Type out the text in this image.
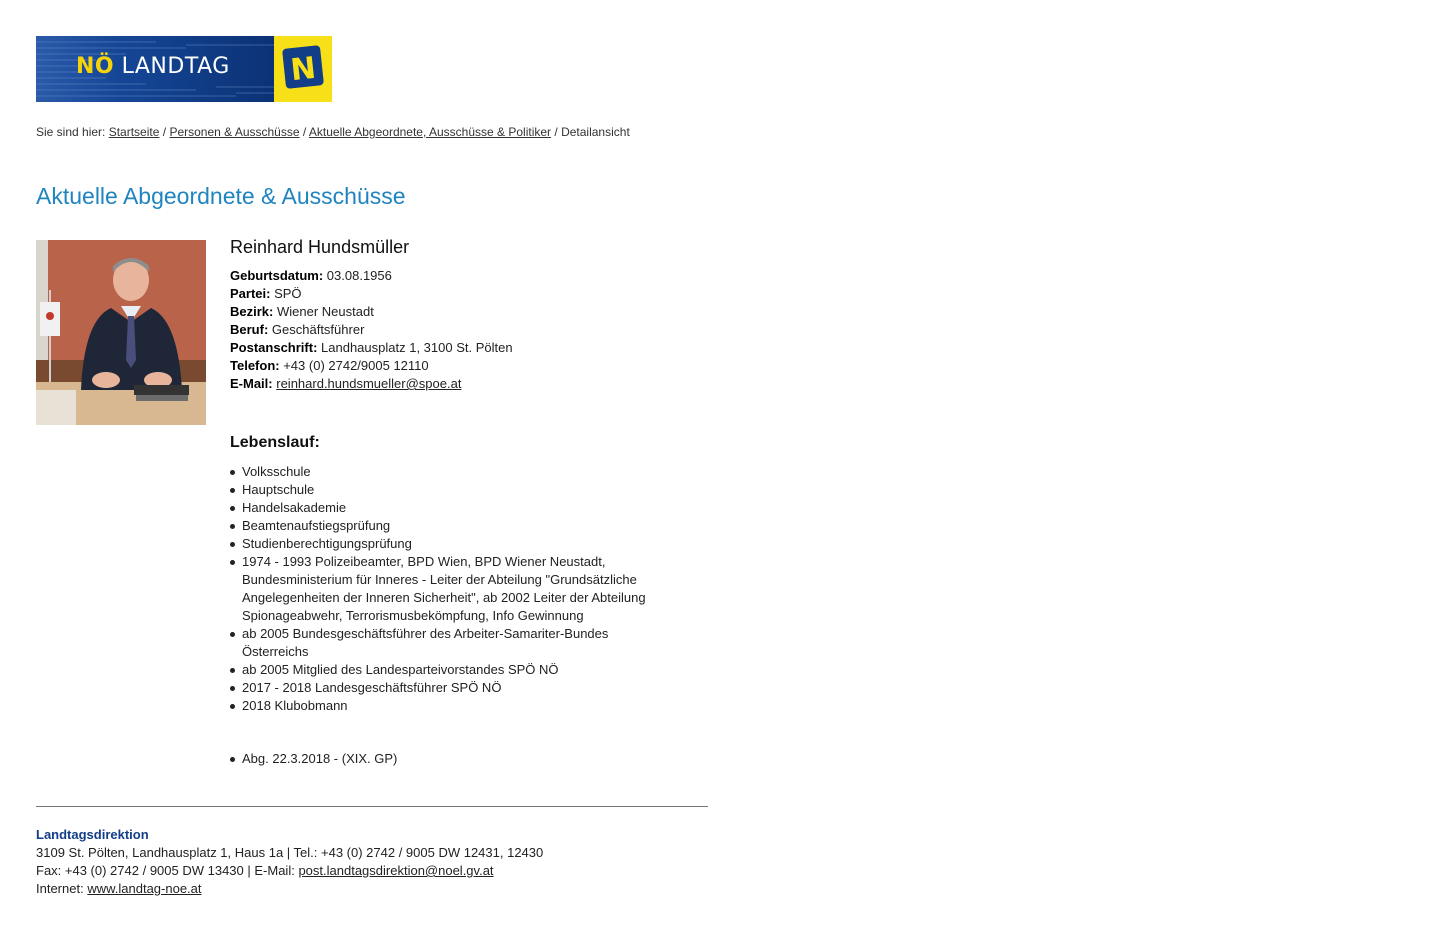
NÖ LANDTAG N
Sie sind hier: Startseite / Personen & Ausschüsse / Aktuelle Abgeordnete, Ausschüsse & Politiker / Detailansicht
Aktuelle Abgeordnete & Ausschüsse
Reinhard Hundsmüller
Geburtsdatum: 03.08.1956
Partei: SPÖ
Bezirk: Wiener Neustadt
Beruf: Geschäftsführer
Postanschrift: Landhausplatz 1, 3100 St. Pölten
Telefon: +43 (0) 2742/9005 12110
E-Mail: reinhard.hundsmueller@spoe.at
Lebenslauf:
Volksschule
Hauptschule
Handelsakademie
Beamtenaufstiegsprüfung
Studienberechtigungsprüfung
1974 - 1993 Polizeibeamter, BPD Wien, BPD Wiener Neustadt, Bundesministerium für Inneres - Leiter der Abteilung "Grundsätzliche Angelegenheiten der Inneren Sicherheit", ab 2002 Leiter der Abteilung Spionageabwehr, Terrorismusbekömpfung, Info Gewinnung
ab 2005 Bundesgeschäftsführer des Arbeiter-Samariter-Bundes Österreichs
ab 2005 Mitglied des Landesparteivorstandes SPÖ NÖ
2017 - 2018 Landesgeschäftsführer SPÖ NÖ
2018 Klubobmann
Abg. 22.3.2018 - (XIX. GP)
Landtagsdirektion
3109 St. Pölten, Landhausplatz 1, Haus 1a | Tel.: +43 (0) 2742 / 9005 DW 12431, 12430
Fax: +43 (0) 2742 / 9005 DW 13430 | E-Mail: post.landtagsdirektion@noel.gv.at
Internet: www.landtag-noe.at
